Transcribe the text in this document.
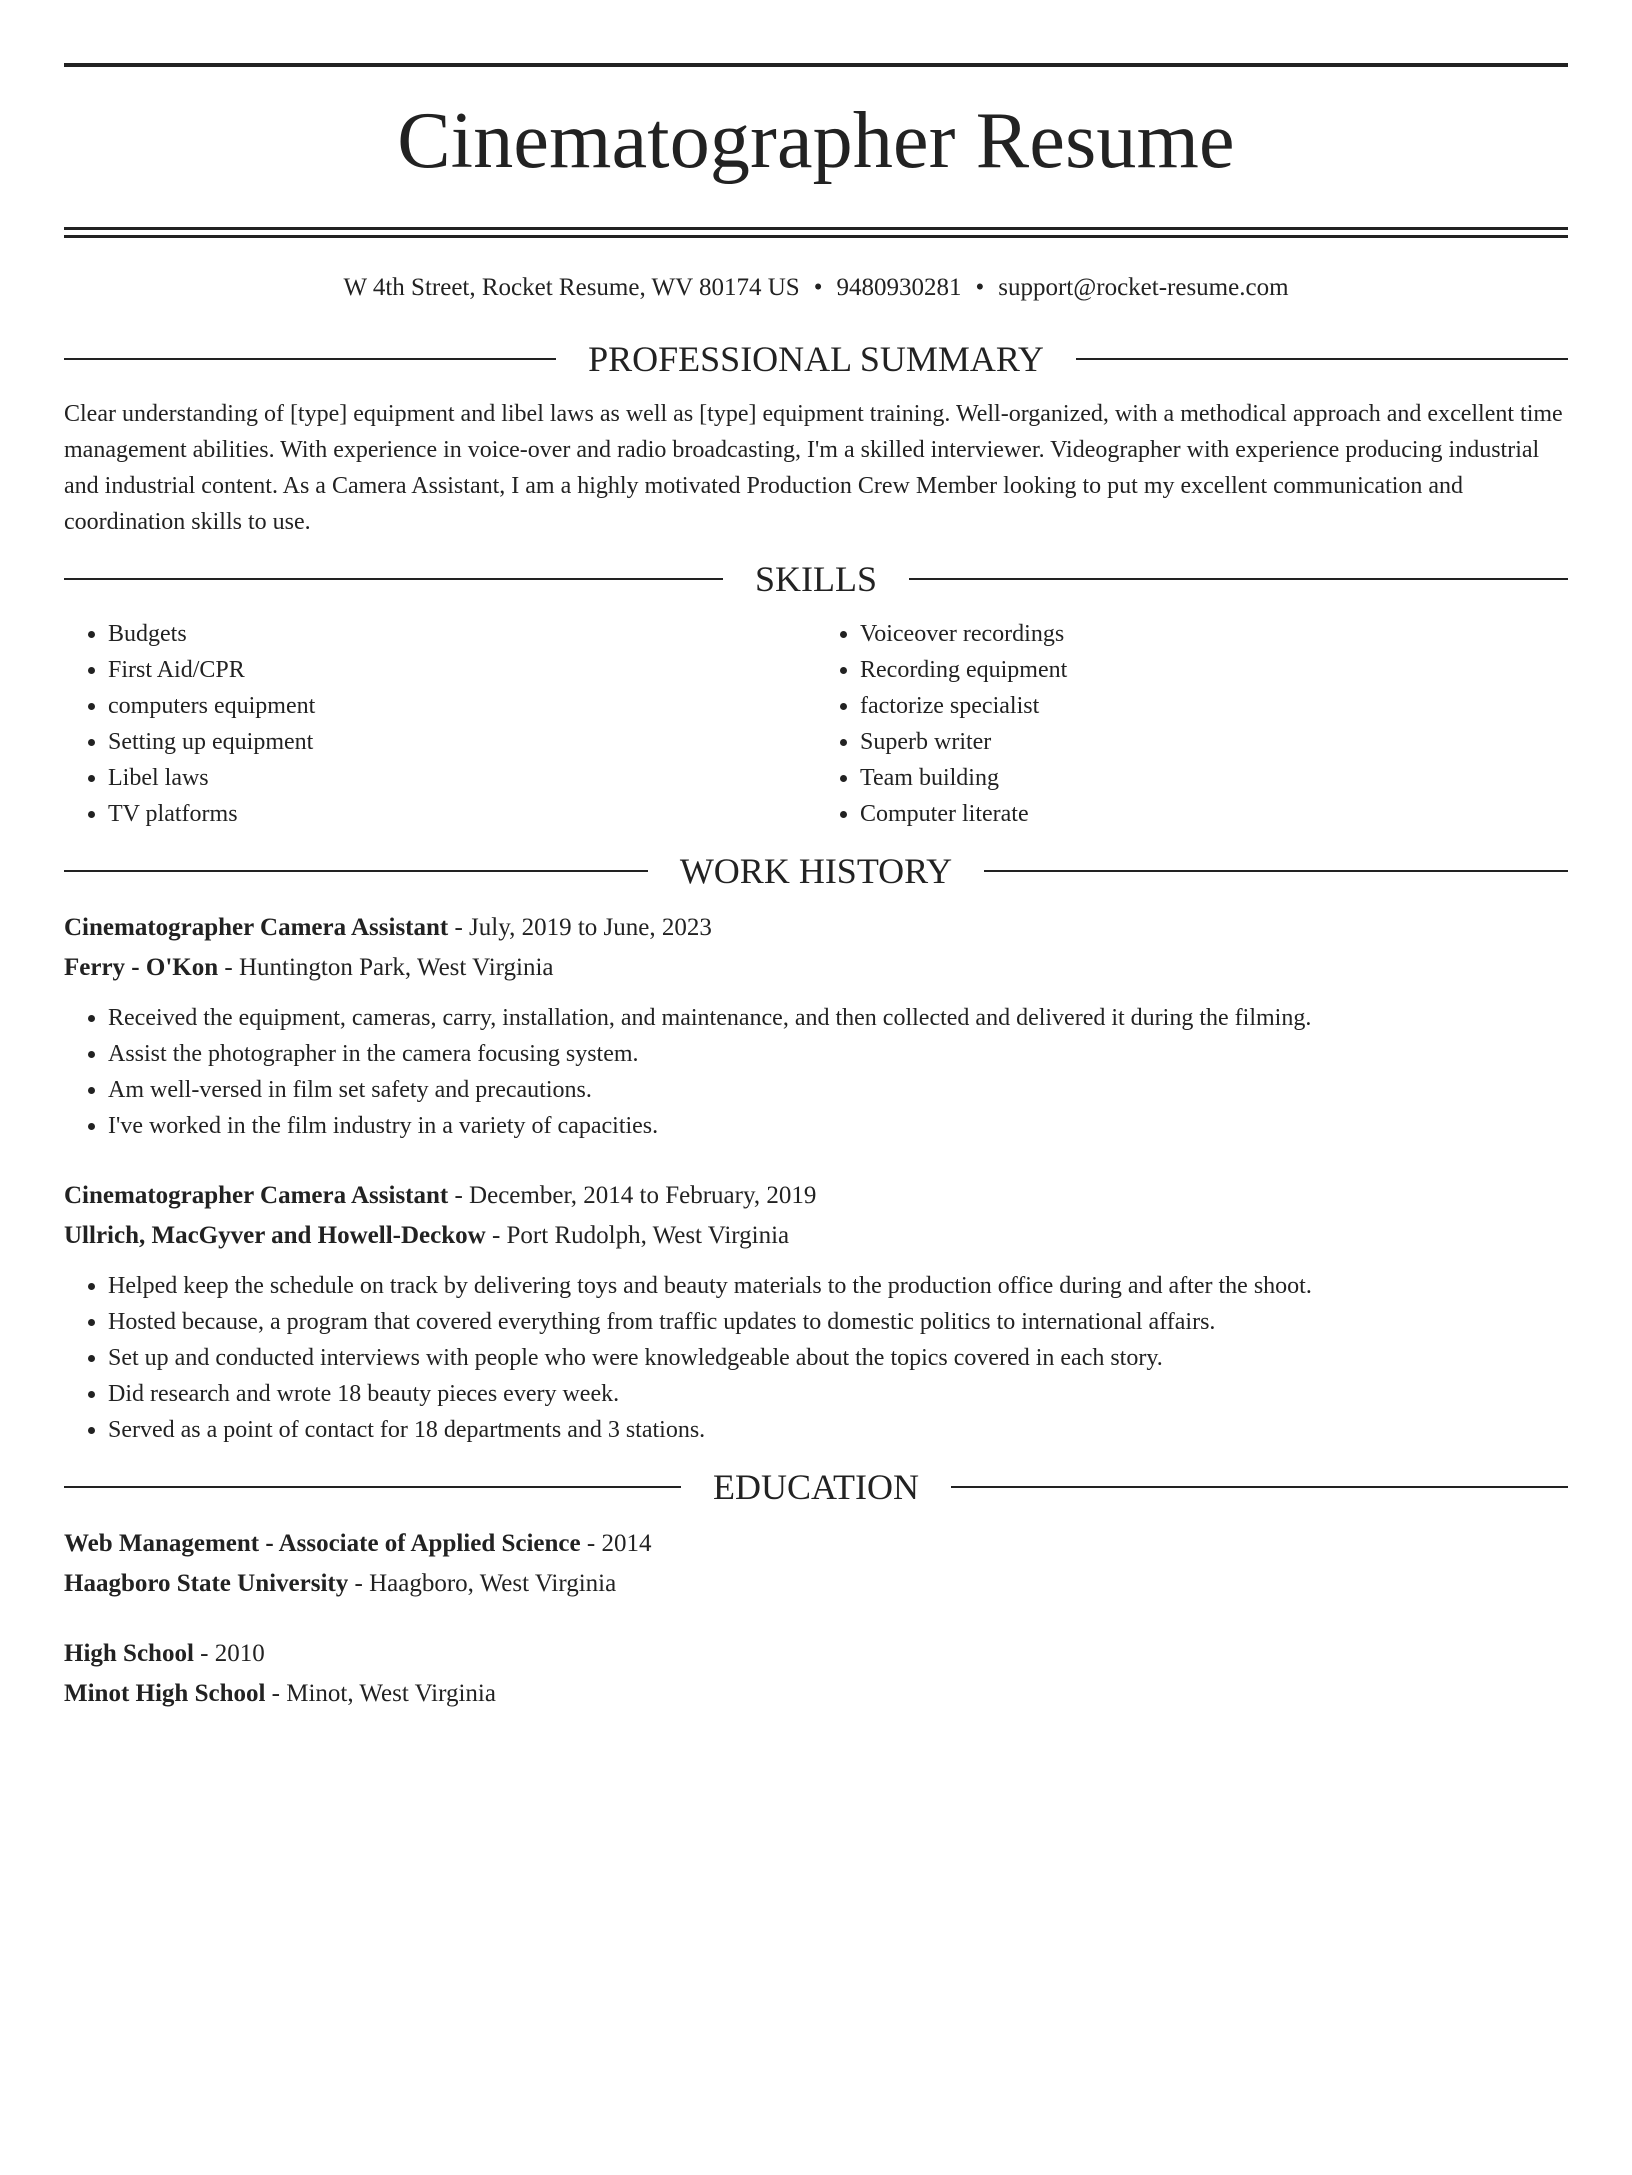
Cinematographer Resume
W 4th Street, Rocket Resume, WV 80174 US • 9480930281 • support@rocket-resume.com
PROFESSIONAL SUMMARY

Clear understanding of [type] equipment and libel laws as well as [type] equipment training. Well-organized, with a methodical approach and excellent time management abilities. With experience in voice-over and radio broadcasting, I'm a skilled interviewer. Videographer with experience producing industrial and industrial content. As a Camera Assistant, I am a highly motivated Production Crew Member looking to put my excellent communication and coordination skills to use.

SKILLS
• Budgets
• First Aid/CPR
• computers equipment
• Setting up equipment
• Libel laws
• TV platforms
• Voiceover recordings
• Recording equipment
• factorize specialist
• Superb writer
• Team building
• Computer literate
WORK HISTORY
Cinematographer Camera Assistant - July, 2019 to June, 2023
Ferry - O'Kon - Huntington Park, West Virginia
• Received the equipment, cameras, carry, installation, and maintenance, and then collected and delivered it during the filming.
• Assist the photographer in the camera focusing system.
• Am well-versed in film set safety and precautions.
• I've worked in the film industry in a variety of capacities.
Cinematographer Camera Assistant - December, 2014 to February, 2019
Ullrich, MacGyver and Howell-Deckow - Port Rudolph, West Virginia
• Helped keep the schedule on track by delivering toys and beauty materials to the production office during and after the shoot.
• Hosted because, a program that covered everything from traffic updates to domestic politics to international affairs.
• Set up and conducted interviews with people who were knowledgeable about the topics covered in each story.
• Did research and wrote 18 beauty pieces every week.
• Served as a point of contact for 18 departments and 3 stations.
EDUCATION
Web Management - Associate of Applied Science - 2014
Haagboro State University - Haagboro, West Virginia
High School - 2010
Minot High School - Minot, West Virginia
